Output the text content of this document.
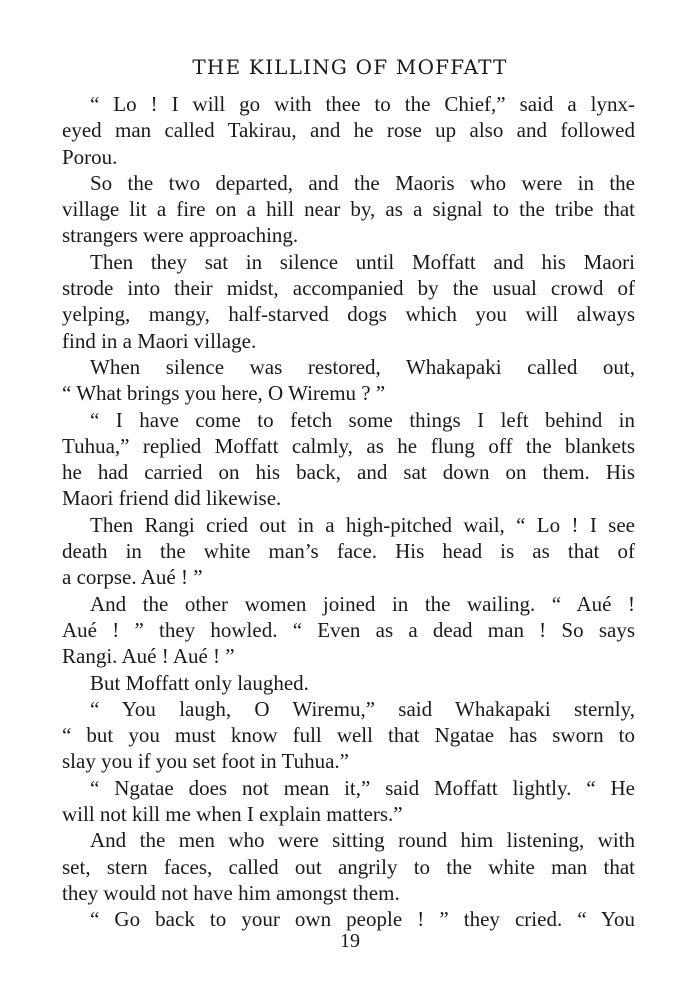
THE KILLING OF MOFFATT
“ Lo ! I will go with thee to the Chief,” said a lynx-
eyed man called Takirau, and he rose up also and followed
Porou.
So the two departed, and the Maoris who were in the
village lit a fire on a hill near by, as a signal to the tribe that
strangers were approaching.
Then they sat in silence until Moffatt and his Maori
strode into their midst, accompanied by the usual crowd of
yelping, mangy, half-starved dogs which you will always
find in a Maori village.
When silence was restored, Whakapaki called out,
“ What brings you here, O Wiremu ? ”
“ I have come to fetch some things I left behind in
Tuhua,” replied Moffatt calmly, as he flung off the blankets
he had carried on his back, and sat down on them. His
Maori friend did likewise.
Then Rangi cried out in a high-pitched wail, “ Lo ! I see
death in the white man’s face. His head is as that of
a corpse. Aué ! ”
And the other women joined in the wailing. “ Aué !
Aué ! ” they howled. “ Even as a dead man ! So says
Rangi. Aué ! Aué ! ”
But Moffatt only laughed.
“ You laugh, O Wiremu,” said Whakapaki sternly,
“ but you must know full well that Ngatae has sworn to
slay you if you set foot in Tuhua.”
“ Ngatae does not mean it,” said Moffatt lightly. “ He
will not kill me when I explain matters.”
And the men who were sitting round him listening, with
set, stern faces, called out angrily to the white man that
they would not have him amongst them.
“ Go back to your own people ! ” they cried. “ You
19
